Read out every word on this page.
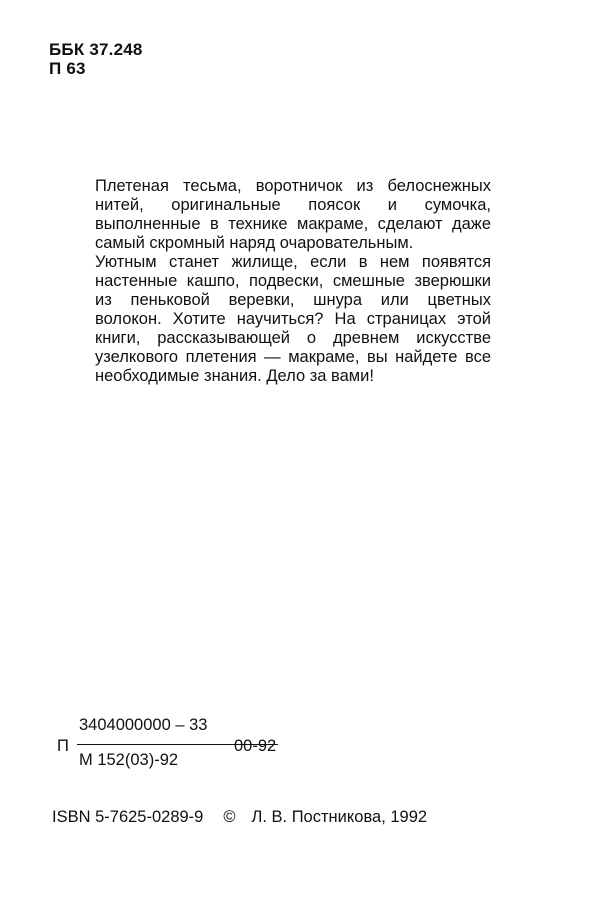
ББК 37.248
П 63

Плетеная тесьма, воротничок из белоснежных нитей, оригинальные поясок и сумочка, выполненные в технике макраме, сделают даже самый скромный наряд очаровательным.

Уютным станет жилище, если в нем появятся настенные кашпо, подвески, смешные зверюшки из пеньковой веревки, шнура или цветных волокон. Хотите научиться? На страницах этой книги, рассказывающей о древнем искусстве узелкового плетения — макраме, вы найдете все необходимые знания. Дело за вами!

П
3404000000 – 33
М 152(03)-92
00-92
ISBN 5-7625-0289-9 © Л. В. Постникова, 1992
